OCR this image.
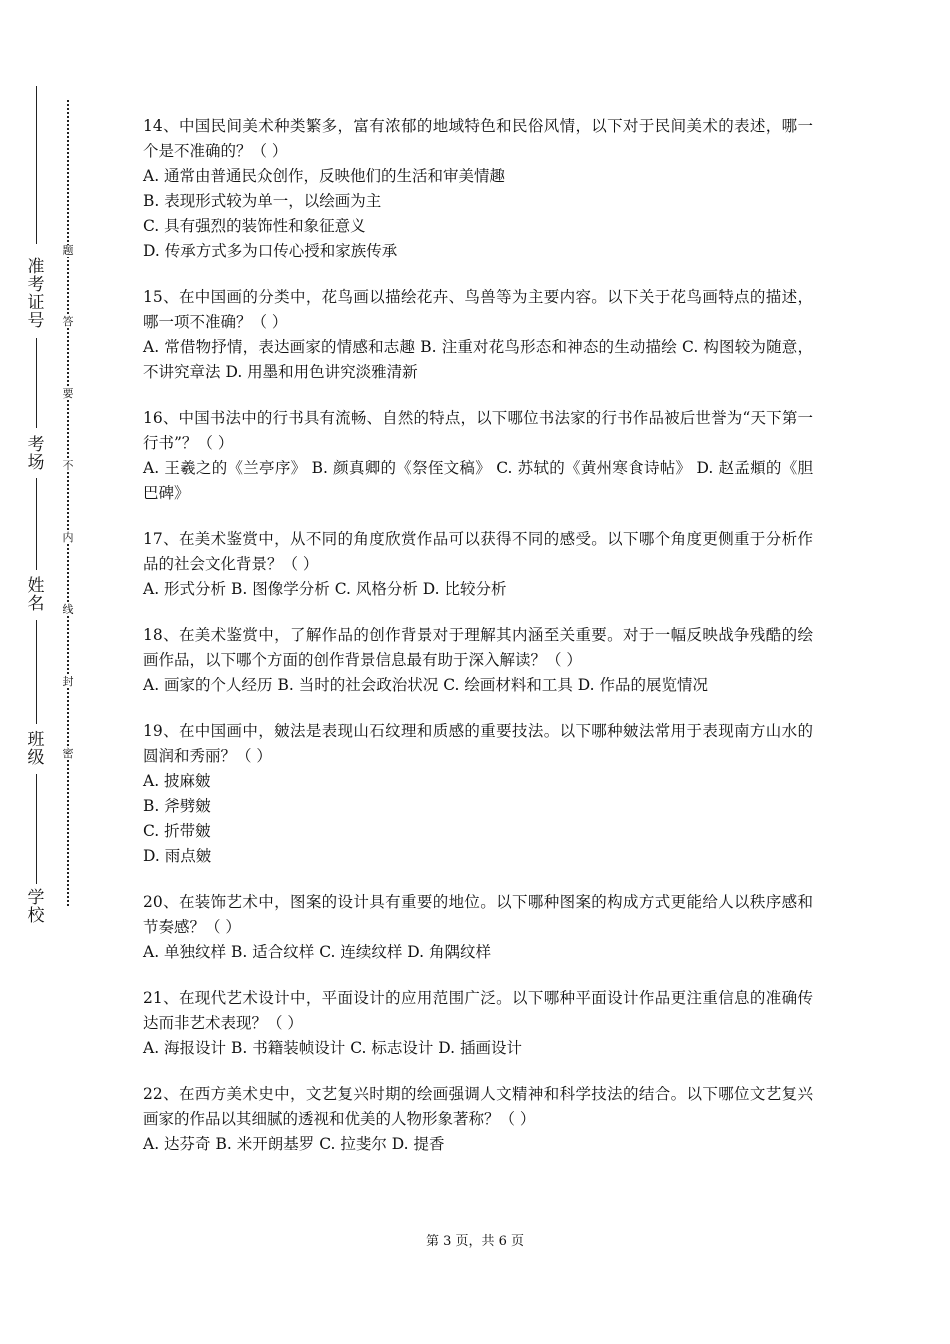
准考证号
考场
姓名
班级
学校
题
答
要
不
内
线
封
密

14、中国民间美术种类繁多，富有浓郁的地域特色和民俗风情，以下对于民间美术的表述，哪一个是不准确的？（ ）

A. 通常由普通民众创作，反映他们的生活和审美情趣

B. 表现形式较为单一，以绘画为主

C. 具有强烈的装饰性和象征意义

D. 传承方式多为口传心授和家族传承

15、在中国画的分类中，花鸟画以描绘花卉、鸟兽等为主要内容。以下关于花鸟画特点的描述，哪一项不准确？（ ）

A. 常借物抒情，表达画家的情感和志趣 B. 注重对花鸟形态和神态的生动描绘 C. 构图较为随意，不讲究章法 D. 用墨和用色讲究淡雅清新

16、中国书法中的行书具有流畅、自然的特点，以下哪位书法家的行书作品被后世誉为“天下第一行书”？（ ）

A. 王羲之的《兰亭序》 B. 颜真卿的《祭侄文稿》 C. 苏轼的《黄州寒食诗帖》 D. 赵孟頫的《胆巴碑》

17、在美术鉴赏中，从不同的角度欣赏作品可以获得不同的感受。以下哪个角度更侧重于分析作品的社会文化背景？（ ）

A. 形式分析 B. 图像学分析 C. 风格分析 D. 比较分析

18、在美术鉴赏中，了解作品的创作背景对于理解其内涵至关重要。对于一幅反映战争残酷的绘画作品，以下哪个方面的创作背景信息最有助于深入解读？（ ）

A. 画家的个人经历 B. 当时的社会政治状况 C. 绘画材料和工具 D. 作品的展览情况

19、在中国画中，皴法是表现山石纹理和质感的重要技法。以下哪种皴法常用于表现南方山水的圆润和秀丽？（ ）

A. 披麻皴

B. 斧劈皴

C. 折带皴

D. 雨点皴

20、在装饰艺术中，图案的设计具有重要的地位。以下哪种图案的构成方式更能给人以秩序感和节奏感？（ ）

A. 单独纹样 B. 适合纹样 C. 连续纹样 D. 角隅纹样

21、在现代艺术设计中，平面设计的应用范围广泛。以下哪种平面设计作品更注重信息的准确传达而非艺术表现？（ ）

A. 海报设计 B. 书籍装帧设计 C. 标志设计 D. 插画设计

22、在西方美术史中，文艺复兴时期的绘画强调人文精神和科学技法的结合。以下哪位文艺复兴画家的作品以其细腻的透视和优美的人物形象著称？（ ）

A. 达芬奇 B. 米开朗基罗 C. 拉斐尔 D. 提香

第 3 页，共 6 页
